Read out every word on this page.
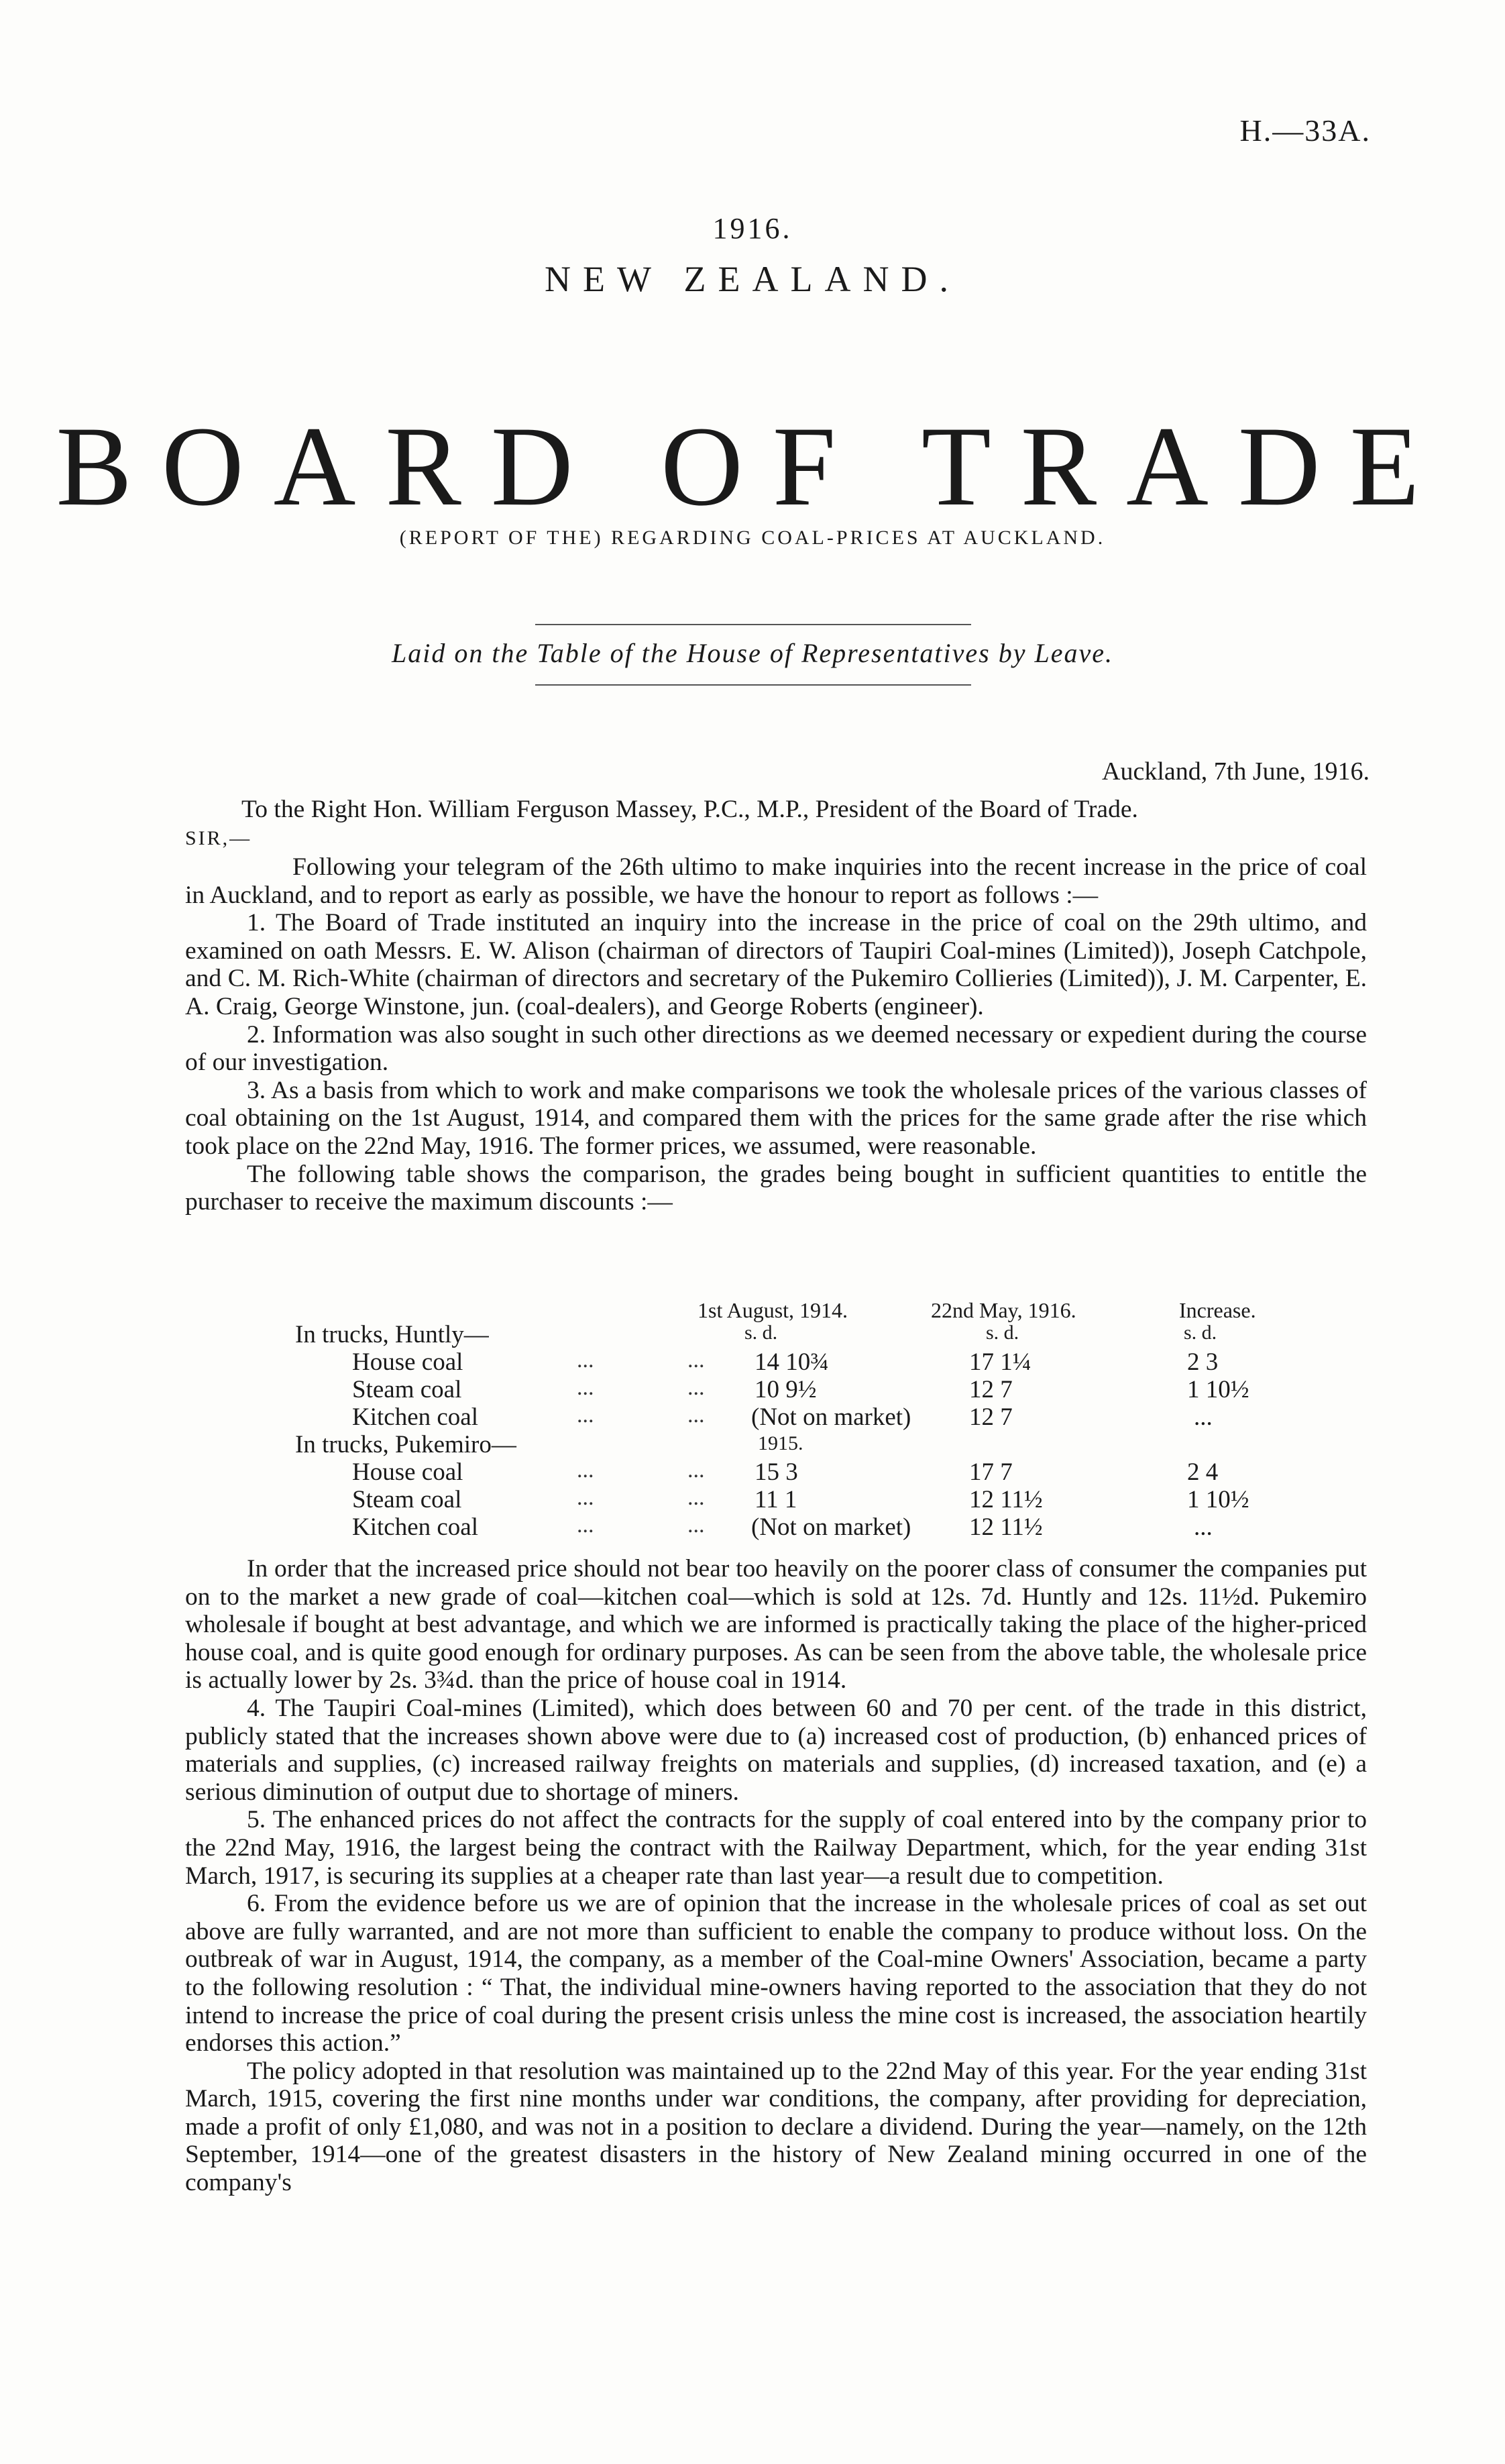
H.—33A.
1916.
NEW ZEALAND.
BOARD OF TRADE
(REPORT OF THE) REGARDING COAL-PRICES AT AUCKLAND.
Laid on the Table of the House of Representatives by Leave.
Auckland, 7th June, 1916.
To the Right Hon. William Ferguson Massey, P.C., M.P., President of the Board of Trade.
SIR,—

Following your telegram of the 26th ultimo to make inquiries into the recent increase in the price of coal in Auckland, and to report as early as possible, we have the honour to report as follows :—

1. The Board of Trade instituted an inquiry into the increase in the price of coal on the 29th ultimo, and examined on oath Messrs. E. W. Alison (chairman of directors of Taupiri Coal-mines (Limited)), Joseph Catchpole, and C. M. Rich-White (chairman of directors and secretary of the Pukemiro Collieries (Limited)), J. M. Carpenter, E. A. Craig, George Winstone, jun. (coal-dealers), and George Roberts (engineer).

2. Information was also sought in such other directions as we deemed necessary or expedient during the course of our investigation.

3. As a basis from which to work and make comparisons we took the wholesale prices of the various classes of coal obtaining on the 1st August, 1914, and compared them with the prices for the same grade after the rise which took place on the 22nd May, 1916. The former prices, we assumed, were reasonable.

The following table shows the comparison, the grades being bought in sufficient quantities to entitle the purchaser to receive the maximum discounts :—

1st August, 1914.	22nd May, 1916.	Increase.
s. d.	s. d.	s. d.
In trucks, Huntly—
House coal	...	... 14 10¾	17 1¼	2 3
Steam coal	...	... 10 9½	12 7	1 10½
Kitchen coal	...	... (Not on market) 12 7	...
In trucks, Pukemiro—	1915.
House coal	...	... 15 3	17 7	2 4
Steam coal	...	... 11 1	12 11½	1 10½
Kitchen coal	...	... (Not on market) 12 11½	...

In order that the increased price should not bear too heavily on the poorer class of consumer the companies put on to the market a new grade of coal—kitchen coal—which is sold at 12s. 7d. Huntly and 12s. 11½d. Pukemiro wholesale if bought at best advantage, and which we are informed is practically taking the place of the higher-priced house coal, and is quite good enough for ordinary purposes. As can be seen from the above table, the wholesale price is actually lower by 2s. 3¾d. than the price of house coal in 1914.

4. The Taupiri Coal-mines (Limited), which does between 60 and 70 per cent. of the trade in this district, publicly stated that the increases shown above were due to (a) increased cost of production, (b) enhanced prices of materials and supplies, (c) increased railway freights on materials and supplies, (d) increased taxation, and (e) a serious diminution of output due to shortage of miners.

5. The enhanced prices do not affect the contracts for the supply of coal entered into by the company prior to the 22nd May, 1916, the largest being the contract with the Railway Department, which, for the year ending 31st March, 1917, is securing its supplies at a cheaper rate than last year—a result due to competition.

6. From the evidence before us we are of opinion that the increase in the wholesale prices of coal as set out above are fully warranted, and are not more than sufficient to enable the company to produce without loss. On the outbreak of war in August, 1914, the company, as a member of the Coal-mine Owners' Association, became a party to the following resolution : “ That, the individual mine-owners having reported to the association that they do not intend to increase the price of coal during the present crisis unless the mine cost is increased, the association heartily endorses this action.”

The policy adopted in that resolution was maintained up to the 22nd May of this year. For the year ending 31st March, 1915, covering the first nine months under war conditions, the company, after providing for depreciation, made a profit of only £1,080, and was not in a position to declare a dividend. During the year—namely, on the 12th September, 1914—one of the greatest disasters in the history of New Zealand mining occurred in one of the company's
